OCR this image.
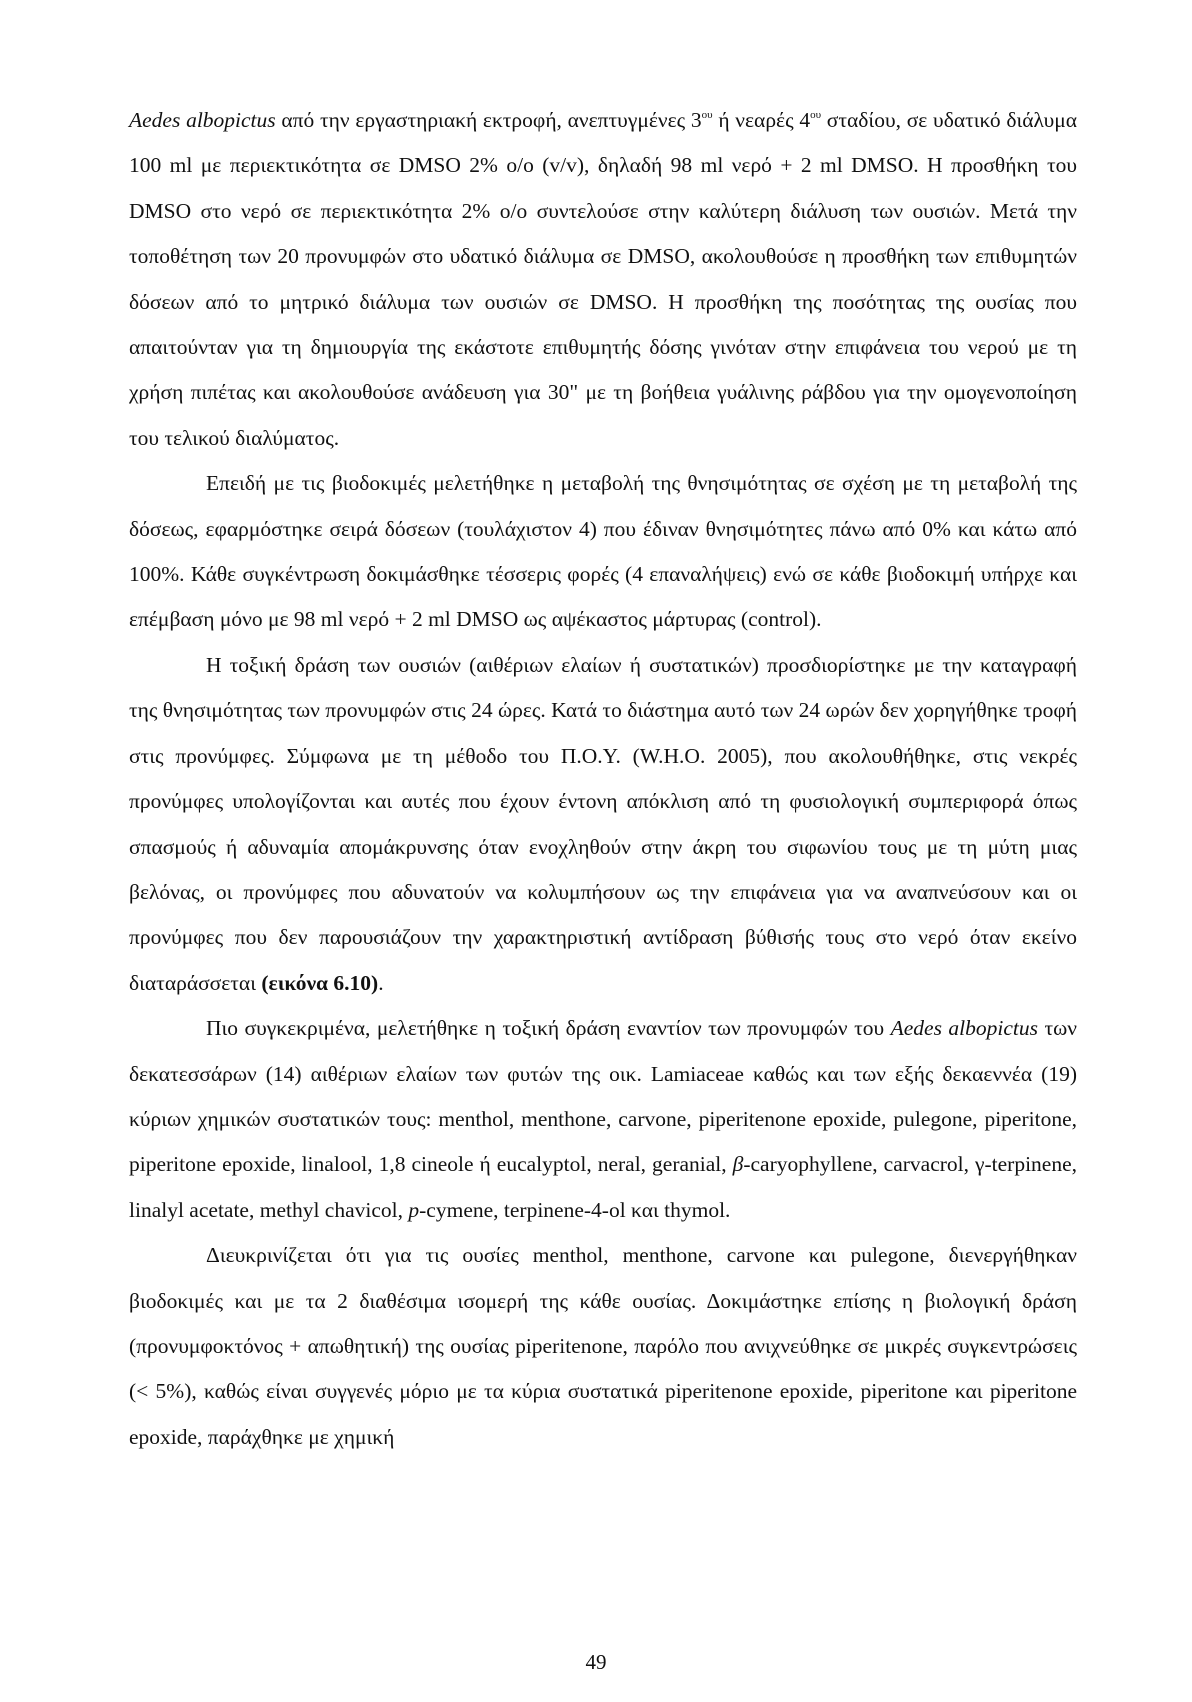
Aedes albopictus από την εργαστηριακή εκτροφή, ανεπτυγμένες $3^{o\upsilon}$ ή νεαρές $4^{o\upsilon}$ σταδίου, σε υδατικό διάλυμα 100 ml με περιεκτικότητα σε DMSO 2% ο/ο (v/v), δηλαδή 98 ml νερό + 2 ml DMSO. Η προσθήκη του DMSO στο νερό σε περιεκτικότητα 2% ο/ο συντελούσε στην καλύτερη διάλυση των ουσιών. Μετά την τοποθέτηση των 20 προνυμφών στο υδατικό διάλυμα σε DMSO, ακολουθούσε η προσθήκη των επιθυμητών δόσεων από το μητρικό διάλυμα των ουσιών σε DMSO. Η προσθήκη της ποσότητας της ουσίας που απαιτούνταν για τη δημιουργία της εκάστοτε επιθυμητής δόσης γινόταν στην επιφάνεια του νερού με τη χρήση πιπέτας και ακολουθούσε ανάδευση για 30" με τη βοήθεια γυάλινης ράβδου για την ομογενοποίηση του τελικού διαλύματος.

Επειδή με τις βιοδοκιμές μελετήθηκε η μεταβολή της θνησιμότητας σε σχέση με τη μεταβολή της δόσεως, εφαρμόστηκε σειρά δόσεων (τουλάχιστον 4) που έδιναν θνησιμότητες πάνω από 0% και κάτω από 100%. Κάθε συγκέντρωση δοκιμάσθηκε τέσσερις φορές (4 επαναλήψεις) ενώ σε κάθε βιοδοκιμή υπήρχε και επέμβαση μόνο με 98 ml νερό + 2 ml DMSO ως αψέκαστος μάρτυρας (control).

Η τοξική δράση των ουσιών (αιθέριων ελαίων ή συστατικών) προσδιορίστηκε με την καταγραφή της θνησιμότητας των προνυμφών στις 24 ώρες. Κατά το διάστημα αυτό των 24 ωρών δεν χορηγήθηκε τροφή στις προνύμφες. Σύμφωνα με τη μέθοδο του Π.Ο.Υ. (W.H.O. 2005), που ακολουθήθηκε, στις νεκρές προνύμφες υπολογίζονται και αυτές που έχουν έντονη απόκλιση από τη φυσιολογική συμπεριφορά όπως σπασμούς ή αδυναμία απομάκρυνσης όταν ενοχληθούν στην άκρη του σιφωνίου τους με τη μύτη μιας βελόνας, οι προνύμφες που αδυνατούν να κολυμπήσουν ως την επιφάνεια για να αναπνεύσουν και οι προνύμφες που δεν παρουσιάζουν την χαρακτηριστική αντίδραση βύθισής τους στο νερό όταν εκείνο διαταράσσεται (εικόνα 6.10).

Πιο συγκεκριμένα, μελετήθηκε η τοξική δράση εναντίον των προνυμφών του Aedes albopictus των δεκατεσσάρων (14) αιθέριων ελαίων των φυτών της οικ. Lamiaceae καθώς και των εξής δεκαεννέα (19) κύριων χημικών συστατικών τους: menthol, menthone, carvone, piperitenone epoxide, pulegone, piperitone, piperitone epoxide, linalool, 1,8 cineole ή eucalyptol, neral, geranial, β-caryophyllene, carvacrol, γ-terpinene, linalyl acetate, methyl chavicol, p-cymene, terpinene-4-ol και thymol.

Διευκρινίζεται ότι για τις ουσίες menthol, menthone, carvone και pulegone, διενεργήθηκαν βιοδοκιμές και με τα 2 διαθέσιμα ισομερή της κάθε ουσίας. Δοκιμάστηκε επίσης η βιολογική δράση (προνυμφοκτόνος + απωθητική) της ουσίας piperitenone, παρόλο που ανιχνεύθηκε σε μικρές συγκεντρώσεις (< 5%), καθώς είναι συγγενές μόριο με τα κύρια συστατικά piperitenone epoxide, piperitone και piperitone epoxide, παράχθηκε με χημική

49
